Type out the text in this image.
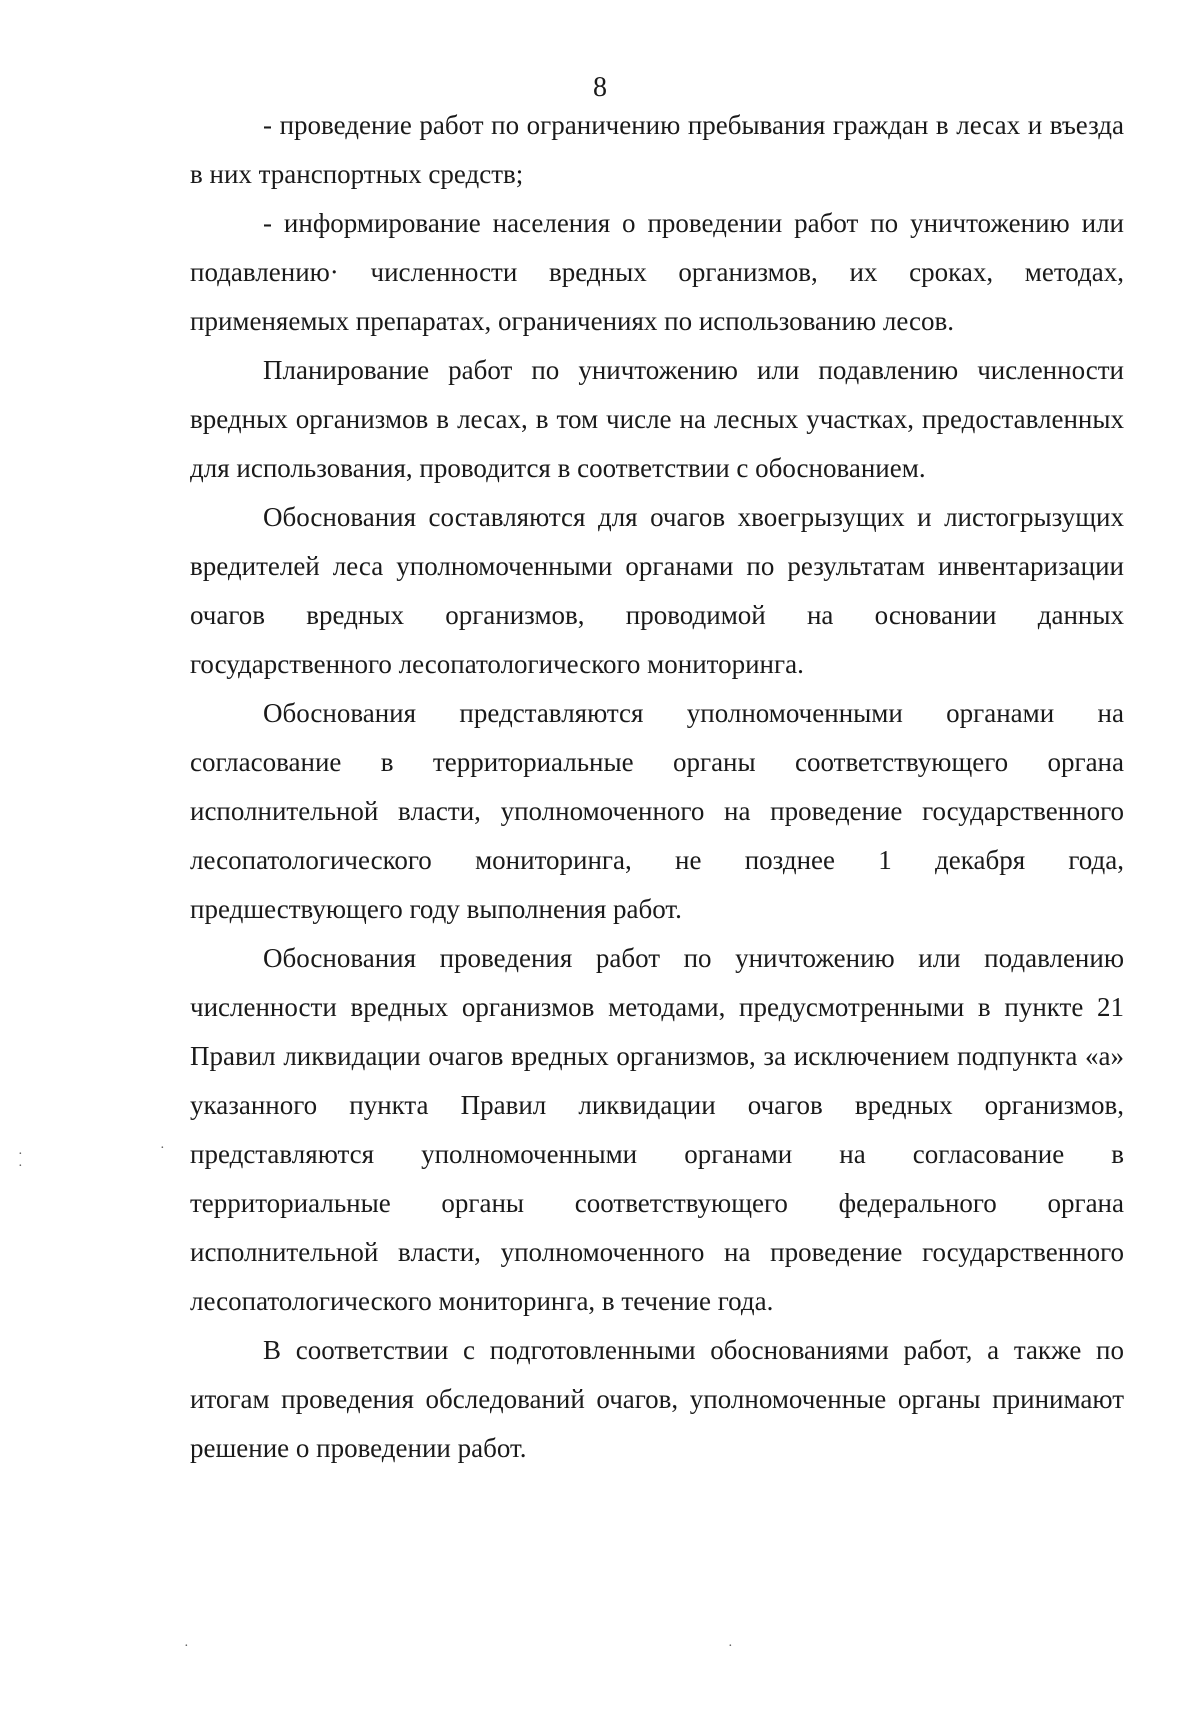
8

- проведение работ по ограничению пребывания граждан в лесах и въезда в них транспортных средств;

- информирование населения о проведении работ по уничтожению или подавлению· численности вредных организмов, их сроках, методах, применяемых препаратах, ограничениях по использованию лесов.

Планирование работ по уничтожению или подавлению численности вредных организмов в лесах, в том числе на лесных участках, предоставленных для использования, проводится в соответствии с обоснованием.

Обоснования составляются для очагов хвоегрызущих и листогрызущих вредителей леса уполномоченными органами по результатам инвентаризации очагов вредных организмов, проводимой на основании данных государственного лесопатологического мониторинга.

Обоснования представляются уполномоченными органами на согласование в территориальные органы соответствующего органа исполнительной власти, уполномоченного на проведение государственного лесопатологического мониторинга, не позднее 1 декабря года, предшествующего году выполнения работ.

Обоснования проведения работ по уничтожению или подавлению численности вредных организмов методами, предусмотренными в пункте 21 Правил ликвидации очагов вредных организмов, за исключением подпункта «а» указанного пункта Правил ликвидации очагов вредных организмов, представляются уполномоченными органами на согласование в территориальные органы соответствующего федерального органа исполнительной власти, уполномоченного на проведение государственного лесопатологического мониторинга, в течение года.

В соответствии с подготовленными обоснованиями работ, а также по итогам проведения обследований очагов, уполномоченные органы принимают решение о проведении работ.

·
·
·
·	·
